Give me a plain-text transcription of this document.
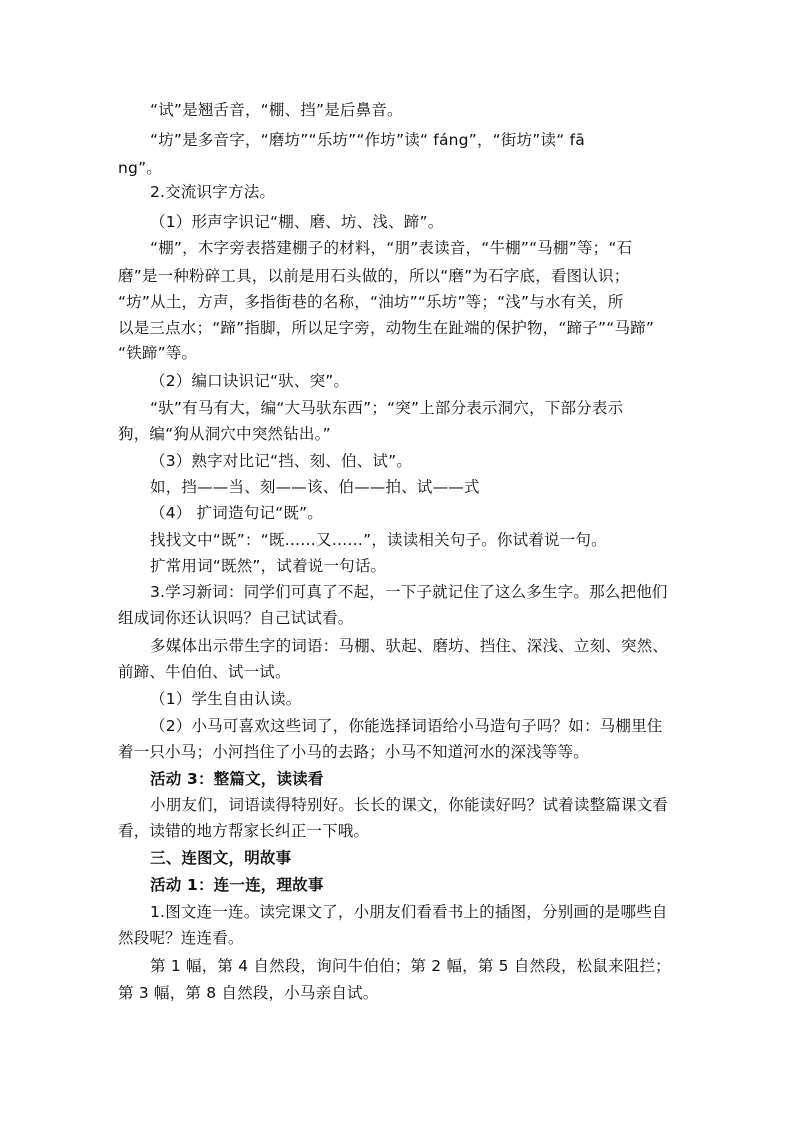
“试”是翘舌音，“棚、挡”是后鼻音。
“坊”是多音字，“磨坊”“乐坊”“作坊”读“ fáng”，“街坊”读“ fā
ng”。
2.交流识字方法。
（1）形声字识记“棚、磨、坊、浅、蹄”。
“棚”，木字旁表搭建棚子的材料，“朋”表读音，“牛棚”“马棚”等；“石
磨”是一种粉碎工具，以前是用石头做的，所以“磨”为石字底，看图认识；
“坊”从土，方声，多指街巷的名称，“油坊”“乐坊”等；“浅”与水有关，所
以是三点水；“蹄”指脚，所以足字旁，动物生在趾端的保护物，“蹄子”“马蹄”
“铁蹄”等。
（2）编口诀识记“驮、突”。
“驮”有马有大，编“大马驮东西”；“突”上部分表示洞穴，下部分表示
狗，编“狗从洞穴中突然钻出。”
（3）熟字对比记“挡、刻、伯、试”。
如，挡——当、刻——该、伯——拍、试——式
（4） 扩词造句记“既”。
找找文中“既”：“既……又……”，读读相关句子。你试着说一句。
扩常用词“既然”，试着说一句话。
3.学习新词：同学们可真了不起，一下子就记住了这么多生字。那么把他们
组成词你还认识吗？自己试试看。
多媒体出示带生字的词语：马棚、驮起、磨坊、挡住、深浅、立刻、突然、
前蹄、牛伯伯、试一试。
（1）学生自由认读。
（2）小马可喜欢这些词了，你能选择词语给小马造句子吗？如：马棚里住
着一只小马；小河挡住了小马的去路；小马不知道河水的深浅等等。
活动 3：整篇文，读读看
小朋友们，词语读得特别好。长长的课文，你能读好吗？试着读整篇课文看
看，读错的地方帮家长纠正一下哦。
三、连图文，明故事
活动 1：连一连，理故事
1.图文连一连。读完课文了，小朋友们看看书上的插图，分别画的是哪些自
然段呢？连连看。
第 1 幅，第 4 自然段，询问牛伯伯；第 2 幅，第 5 自然段，松鼠来阻拦；
第 3 幅，第 8 自然段，小马亲自试。
